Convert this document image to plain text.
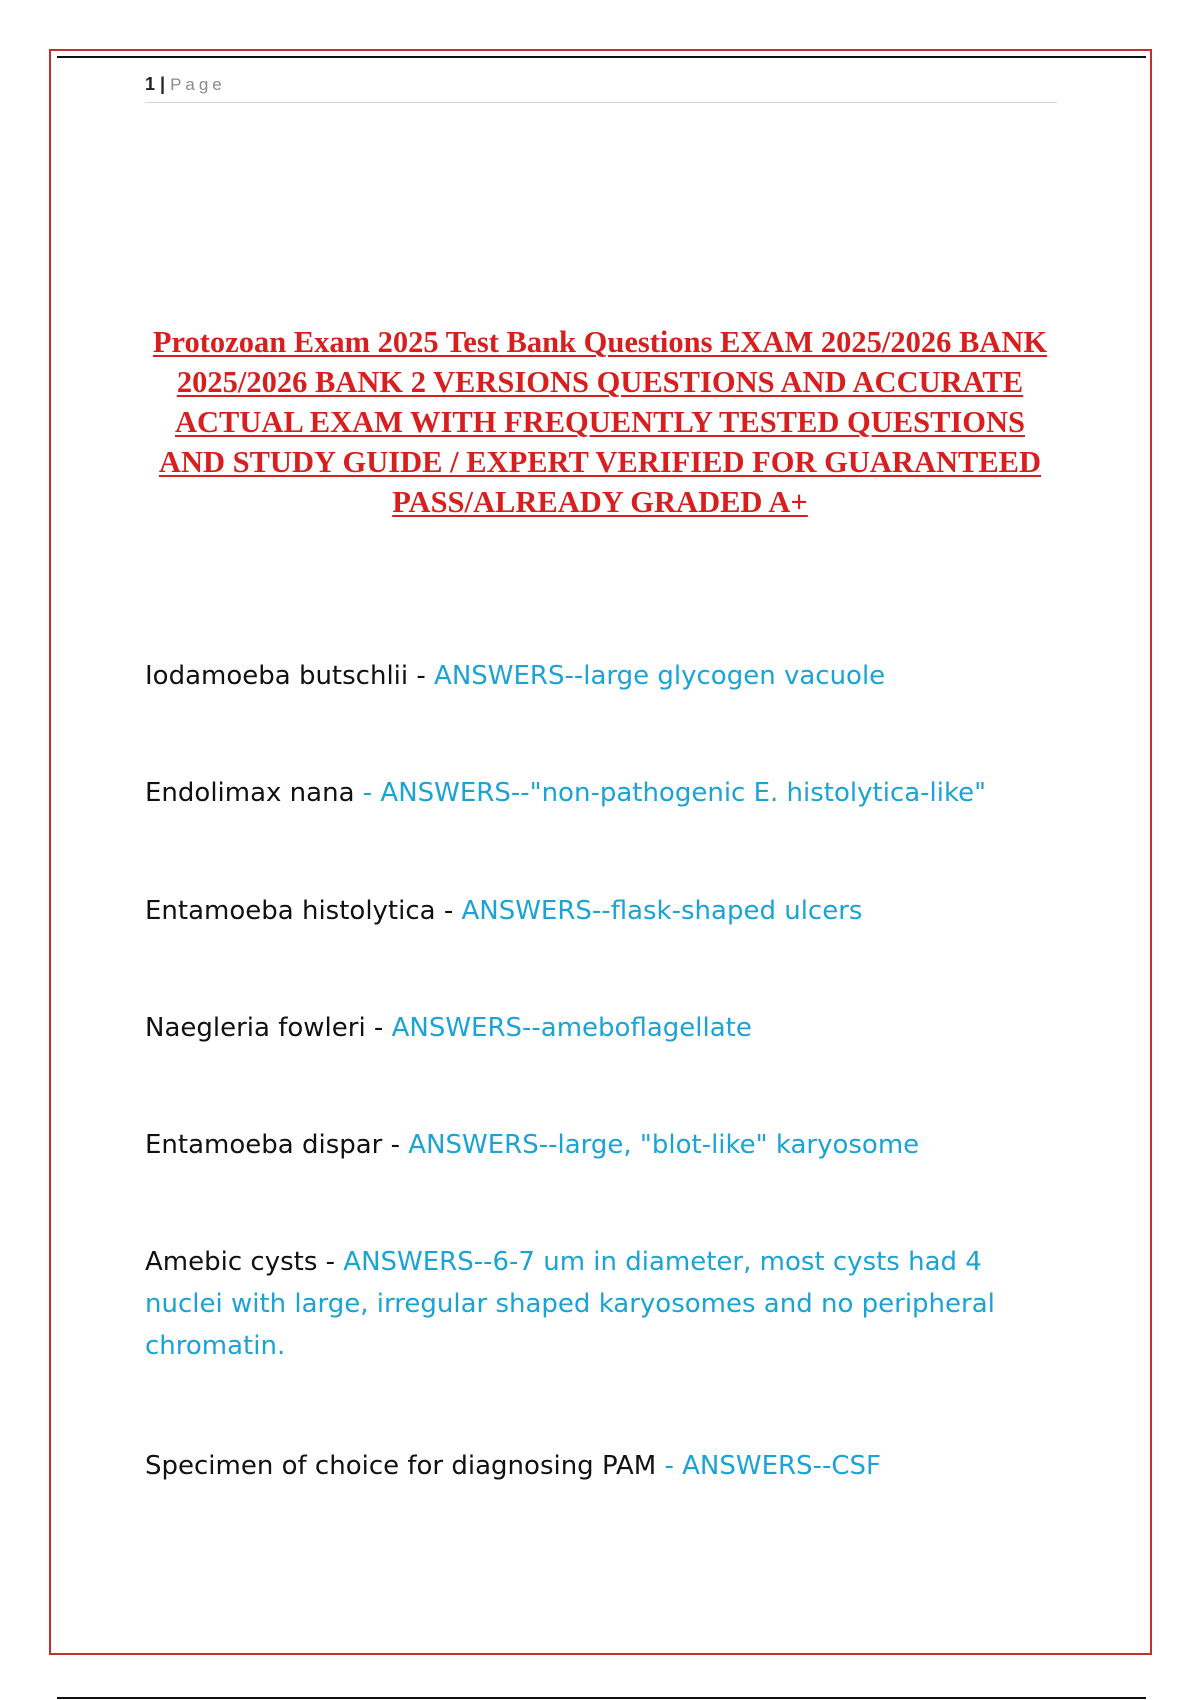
1 | Page
Protozoan Exam 2025 Test Bank Questions EXAM 2025/2026 BANK 2025/2026 BANK 2 VERSIONS QUESTIONS AND ACCURATE ACTUAL EXAM WITH FREQUENTLY TESTED QUESTIONS AND STUDY GUIDE / EXPERT VERIFIED FOR GUARANTEED PASS/ALREADY GRADED A+
Iodamoeba butschlii - ANSWERS--large glycogen vacuole
Endolimax nana - ANSWERS--"non-pathogenic E. histolytica-like"
Entamoeba histolytica - ANSWERS--flask-shaped ulcers
Naegleria fowleri - ANSWERS--ameboflagellate
Entamoeba dispar - ANSWERS--large, "blot-like" karyosome
Amebic cysts - ANSWERS--6-7 um in diameter, most cysts had 4 nuclei with large, irregular shaped karyosomes and no peripheral chromatin.
Specimen of choice for diagnosing PAM - ANSWERS--CSF
